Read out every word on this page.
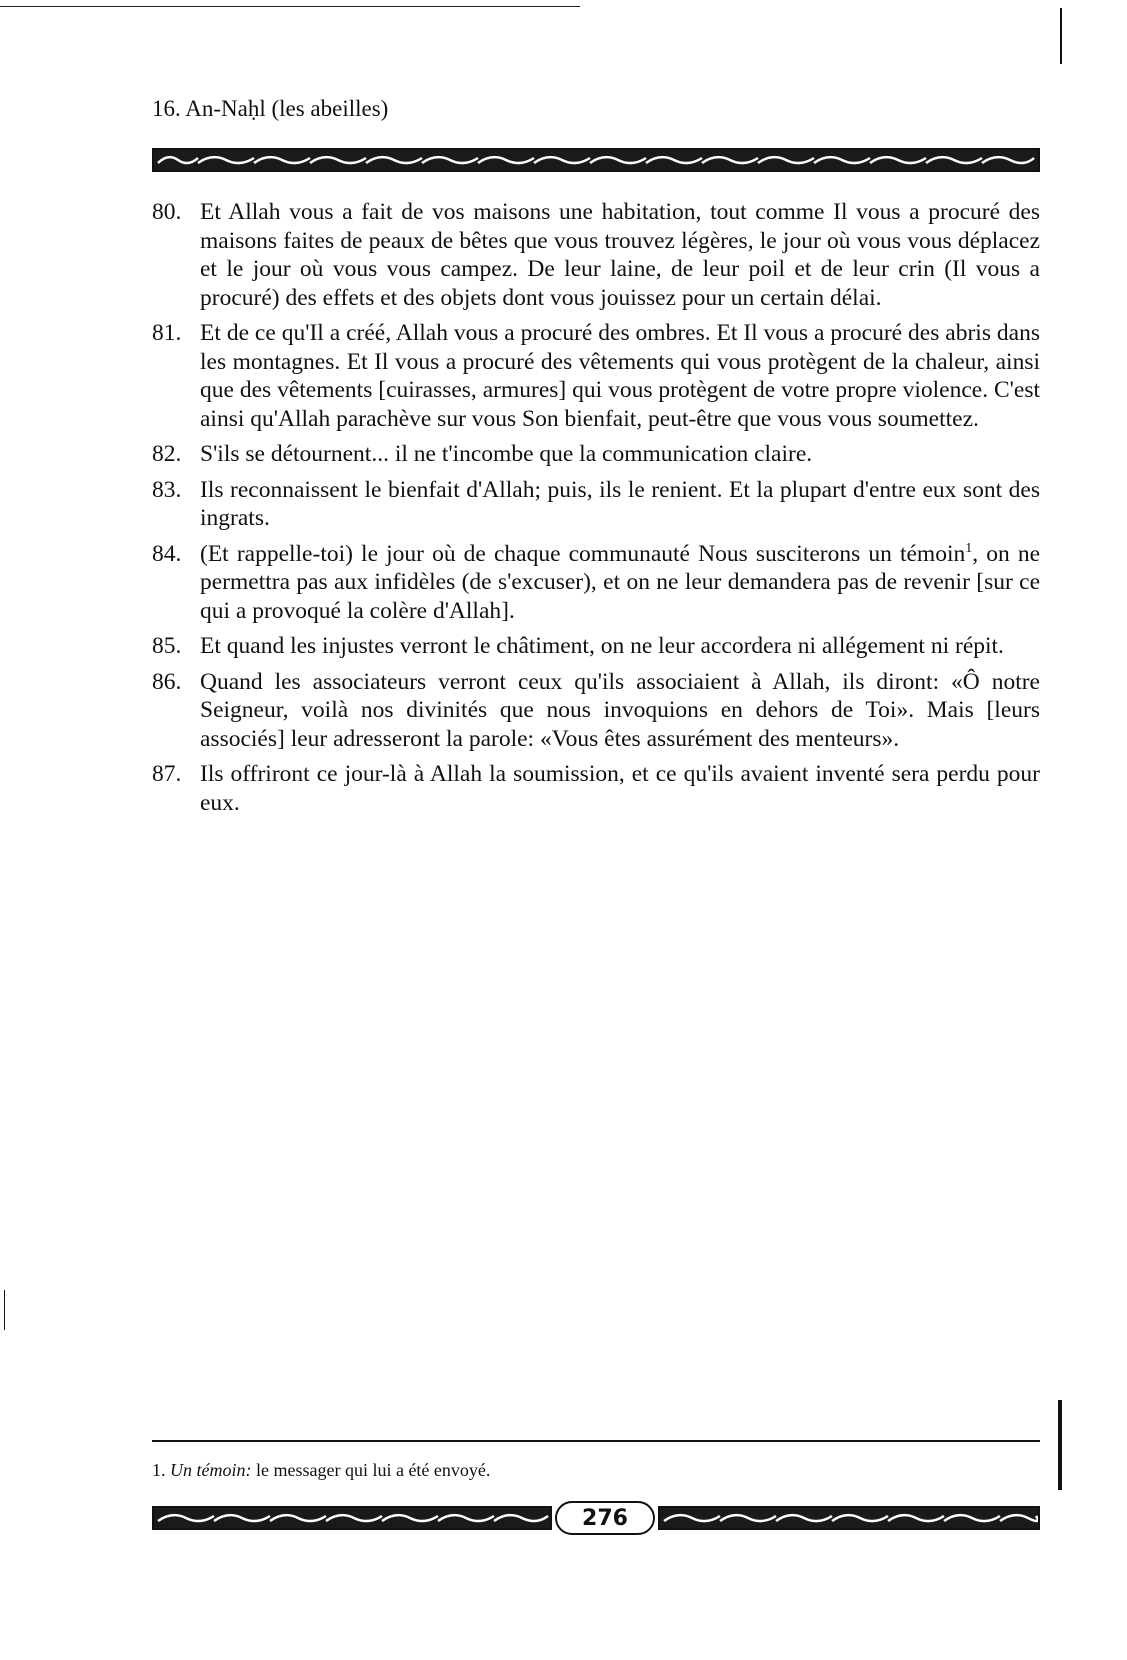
16. An-Naḥl (les abeilles)
80. Et Allah vous a fait de vos maisons une habitation, tout comme Il vous a procuré des maisons faites de peaux de bêtes que vous trouvez légères, le jour où vous vous déplacez et le jour où vous vous campez. De leur laine, de leur poil et de leur crin (Il vous a procuré) des effets et des objets dont vous jouissez pour un certain délai.
81. Et de ce qu'Il a créé, Allah vous a procuré des ombres. Et Il vous a procuré des abris dans les montagnes. Et Il vous a procuré des vêtements qui vous protègent de la chaleur, ainsi que des vêtements [cuirasses, armures] qui vous protègent de votre propre violence. C'est ainsi qu'Allah parachève sur vous Son bienfait, peut-être que vous vous soumettez.
82. S'ils se détournent... il ne t'incombe que la communication claire.
83. Ils reconnaissent le bienfait d'Allah; puis, ils le renient. Et la plupart d'entre eux sont des ingrats.
84. (Et rappelle-toi) le jour où de chaque communauté Nous susciterons un témoin$^1$, on ne permettra pas aux infidèles (de s'excuser), et on ne leur demandera pas de revenir [sur ce qui a provoqué la colère d'Allah].
85. Et quand les injustes verront le châtiment, on ne leur accordera ni allégement ni répit.
86. Quand les associateurs verront ceux qu'ils associaient à Allah, ils diront: «Ô notre Seigneur, voilà nos divinités que nous invoquions en dehors de Toi». Mais [leurs associés] leur adresseront la parole: «Vous êtes assurément des menteurs».
87. Ils offriront ce jour-là à Allah la soumission, et ce qu'ils avaient inventé sera perdu pour eux.
1. Un témoin: le messager qui lui a été envoyé.
276
